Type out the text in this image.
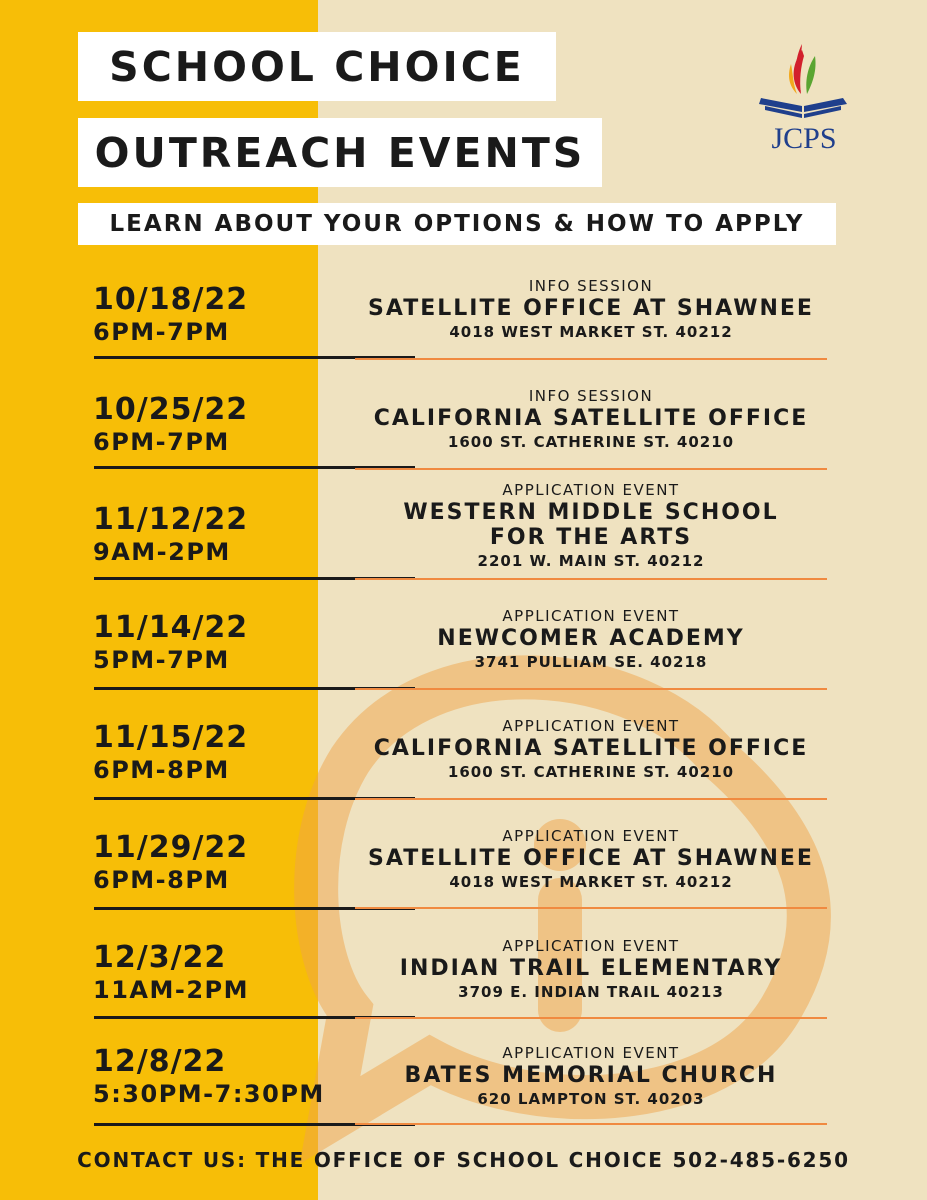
SCHOOL CHOICE
OUTREACH EVENTS
LEARN ABOUT YOUR OPTIONS & HOW TO APPLY
JCPS
10/18/22
6PM-7PM
INFO SESSION
SATELLITE OFFICE AT SHAWNEE
4018 WEST MARKET ST. 40212
10/25/22
6PM-7PM
INFO SESSION
CALIFORNIA SATELLITE OFFICE
1600 ST. CATHERINE ST. 40210
11/12/22
9AM-2PM
APPLICATION EVENT
WESTERN MIDDLE SCHOOL
FOR THE ARTS
2201 W. MAIN ST. 40212
11/14/22
5PM-7PM
APPLICATION EVENT
NEWCOMER ACADEMY
3741 PULLIAM SE. 40218
11/15/22
6PM-8PM
APPLICATION EVENT
CALIFORNIA SATELLITE OFFICE
1600 ST. CATHERINE ST. 40210
11/29/22
6PM-8PM
APPLICATION EVENT
SATELLITE OFFICE AT SHAWNEE
4018 WEST MARKET ST. 40212
12/3/22
11AM-2PM
APPLICATION EVENT
INDIAN TRAIL ELEMENTARY
3709 E. INDIAN TRAIL 40213
12/8/22
5:30PM-7:30PM
APPLICATION EVENT
BATES MEMORIAL CHURCH
620 LAMPTON ST. 40203
CONTACT US: THE OFFICE OF SCHOOL CHOICE 502-485-6250
